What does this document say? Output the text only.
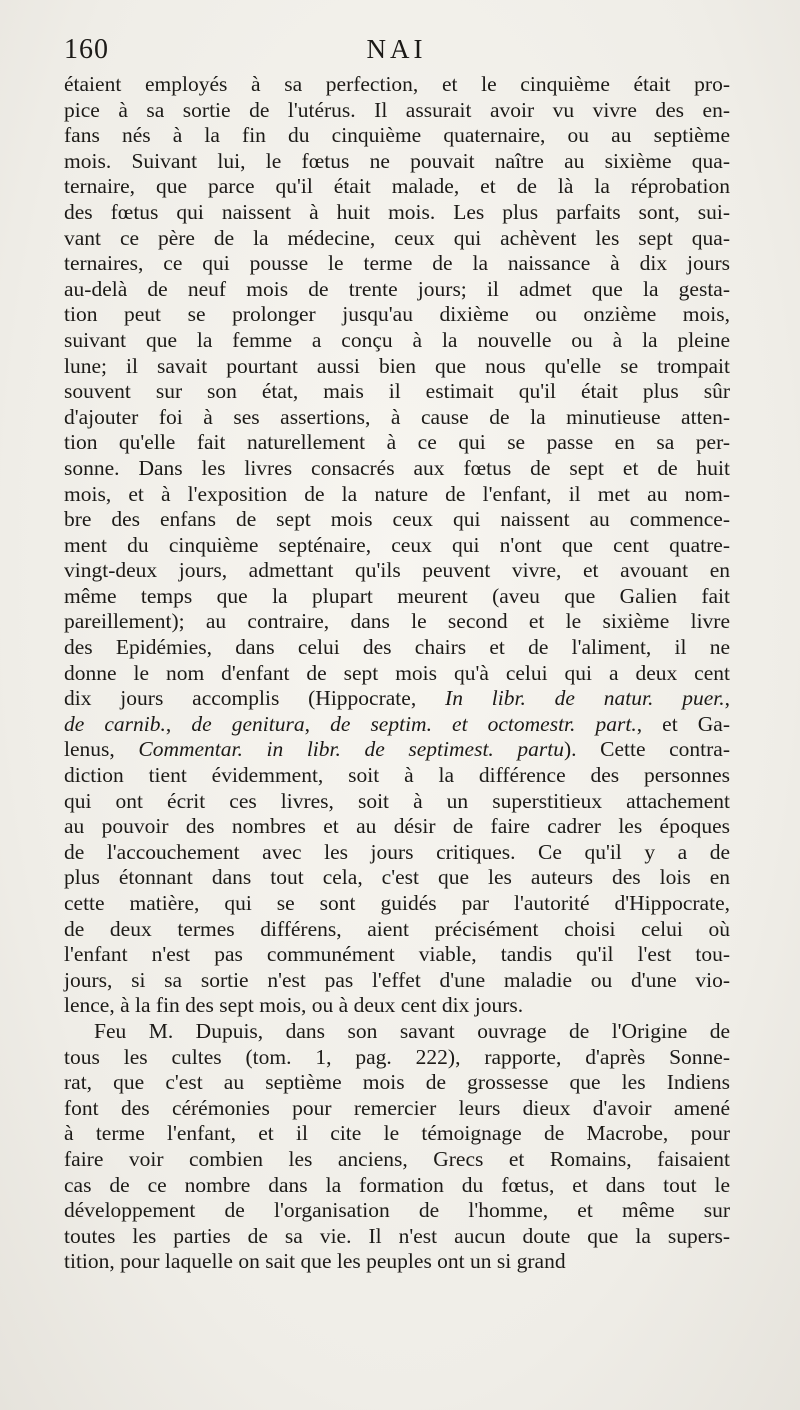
160	NAI
étaient employés à sa perfection, et le cinquième était pro-
pice à sa sortie de l'utérus. Il assurait avoir vu vivre des en-
fans nés à la fin du cinquième quaternaire, ou au septième
mois. Suivant lui, le fœtus ne pouvait naître au sixième qua-
ternaire, que parce qu'il était malade, et de là la réprobation
des fœtus qui naissent à huit mois. Les plus parfaits sont, sui-
vant ce père de la médecine, ceux qui achèvent les sept qua-
ternaires, ce qui pousse le terme de la naissance à dix jours
au-delà de neuf mois de trente jours; il admet que la gesta-
tion peut se prolonger jusqu'au dixième ou onzième mois,
suivant que la femme a conçu à la nouvelle ou à la pleine
lune; il savait pourtant aussi bien que nous qu'elle se trompait
souvent sur son état, mais il estimait qu'il était plus sûr
d'ajouter foi à ses assertions, à cause de la minutieuse atten-
tion qu'elle fait naturellement à ce qui se passe en sa per-
sonne. Dans les livres consacrés aux fœtus de sept et de huit
mois, et à l'exposition de la nature de l'enfant, il met au nom-
bre des enfans de sept mois ceux qui naissent au commence-
ment du cinquième septénaire, ceux qui n'ont que cent quatre-
vingt-deux jours, admettant qu'ils peuvent vivre, et avouant en
même temps que la plupart meurent (aveu que Galien fait
pareillement); au contraire, dans le second et le sixième livre
des Epidémies, dans celui des chairs et de l'aliment, il ne
donne le nom d'enfant de sept mois qu'à celui qui a deux cent
dix jours accomplis (Hippocrate, In libr. de natur. puer.,
de carnib., de genitura, de septim. et octomestr. part., et Ga-
lenus, Commentar. in libr. de septimest. partu). Cette contra-
diction tient évidemment, soit à la différence des personnes
qui ont écrit ces livres, soit à un superstitieux attachement
au pouvoir des nombres et au désir de faire cadrer les époques
de l'accouchement avec les jours critiques. Ce qu'il y a de
plus étonnant dans tout cela, c'est que les auteurs des lois en
cette matière, qui se sont guidés par l'autorité d'Hippocrate,
de deux termes différens, aient précisément choisi celui où
l'enfant n'est pas communément viable, tandis qu'il l'est tou-
jours, si sa sortie n'est pas l'effet d'une maladie ou d'une vio-
lence, à la fin des sept mois, ou à deux cent dix jours.
Feu M. Dupuis, dans son savant ouvrage de l'Origine de
tous les cultes (tom. 1, pag. 222), rapporte, d'après Sonne-
rat, que c'est au septième mois de grossesse que les Indiens
font des cérémonies pour remercier leurs dieux d'avoir amené
à terme l'enfant, et il cite le témoignage de Macrobe, pour
faire voir combien les anciens, Grecs et Romains, faisaient
cas de ce nombre dans la formation du fœtus, et dans tout le
développement de l'organisation de l'homme, et même sur
toutes les parties de sa vie. Il n'est aucun doute que la supers-
tition, pour laquelle on sait que les peuples ont un si grand
